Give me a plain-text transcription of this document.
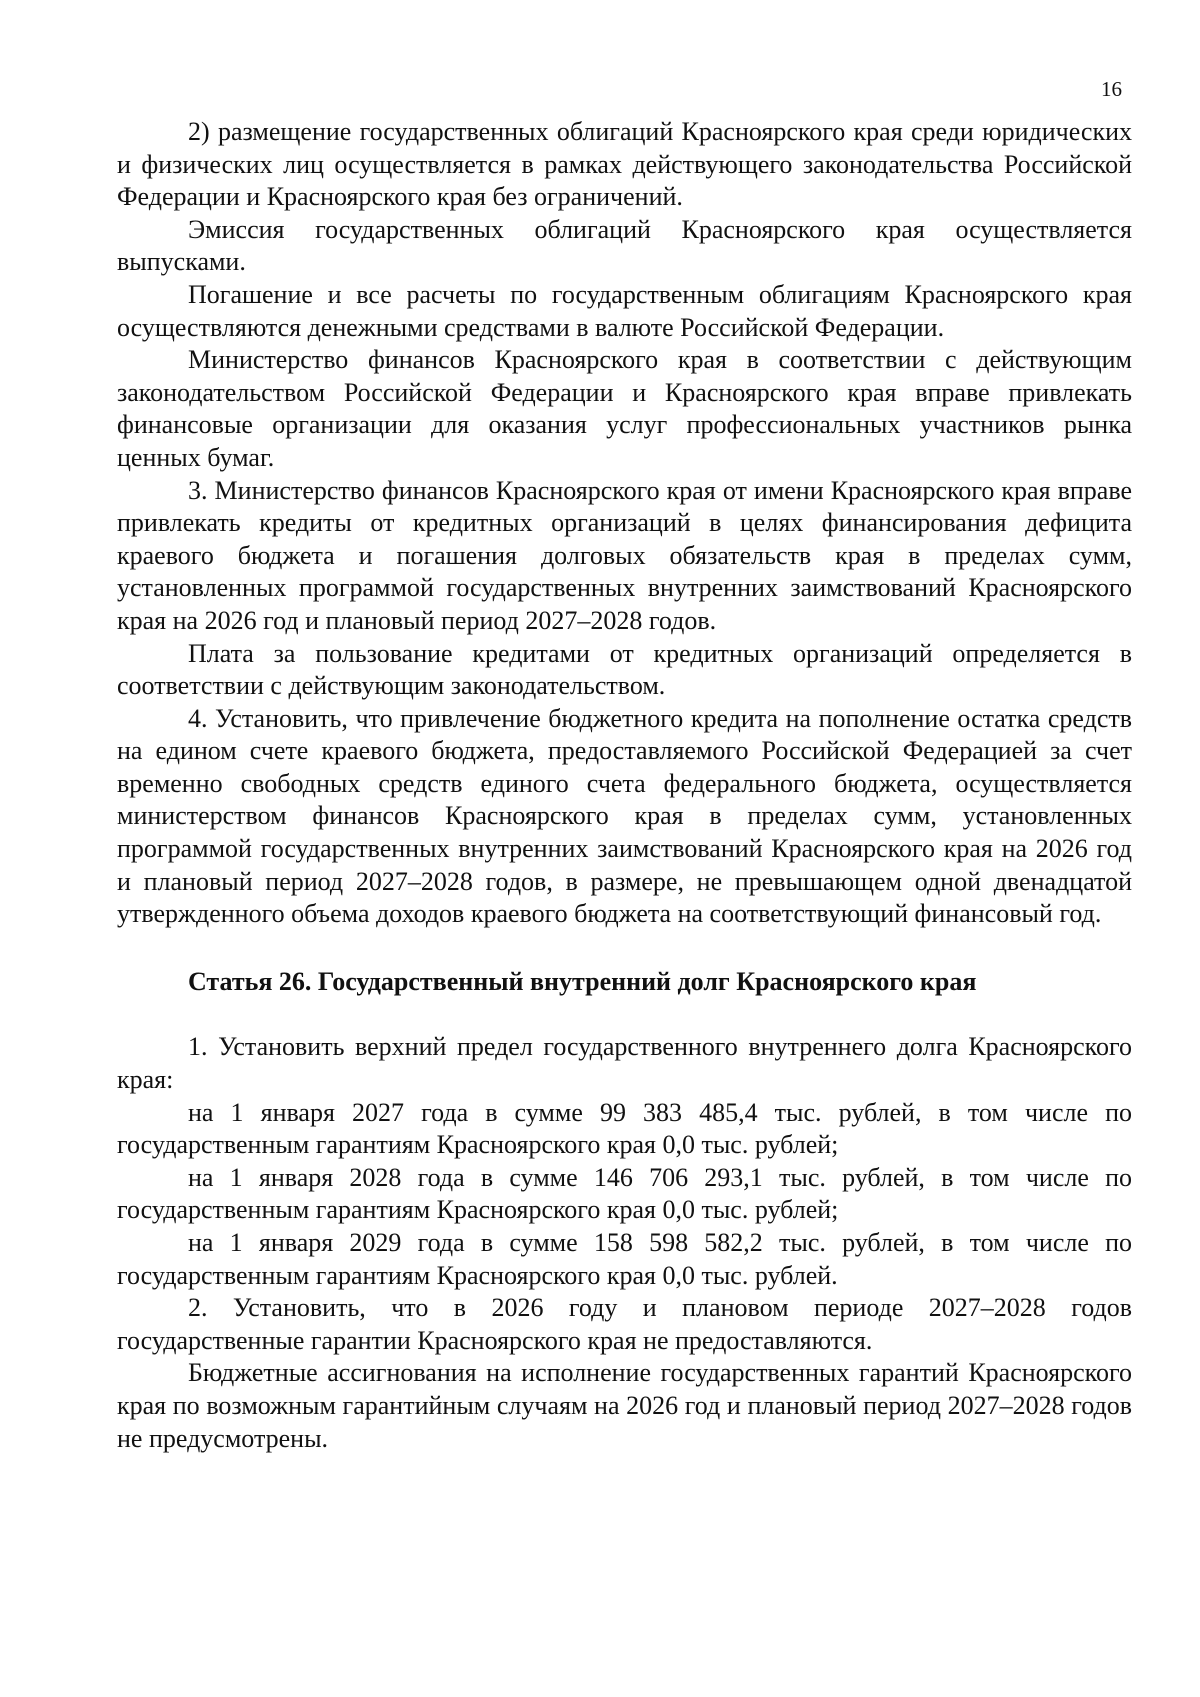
16

2) размещение государственных облигаций Красноярского края среди юридических и физических лиц осуществляется в рамках действующего законодательства Российской Федерации и Красноярского края без ограничений.

Эмиссия государственных облигаций Красноярского края осуществляется выпусками.

Погашение и все расчеты по государственным облигациям Красноярского края осуществляются денежными средствами в валюте Российской Федерации.

Министерство финансов Красноярского края в соответствии с действующим законодательством Российской Федерации и Красноярского края вправе привлекать финансовые организации для оказания услуг профессиональных участников рынка ценных бумаг.

3. Министерство финансов Красноярского края от имени Красноярского края вправе привлекать кредиты от кредитных организаций в целях финансирования дефицита краевого бюджета и погашения долговых обязательств края в пределах сумм, установленных программой государственных внутренних заимствований Красноярского края на 2026 год и плановый период 2027–2028 годов.

Плата за пользование кредитами от кредитных организаций определяется в соответствии с действующим законодательством.

4. Установить, что привлечение бюджетного кредита на пополнение остатка средств на едином счете краевого бюджета, предоставляемого Российской Федерацией за счет временно свободных средств единого счета федерального бюджета, осуществляется министерством финансов Красноярского края в пределах сумм, установленных программой государственных внутренних заимствований Красноярского края на 2026 год и плановый период 2027–2028 годов, в размере, не превышающем одной двенадцатой утвержденного объема доходов краевого бюджета на соответствующий финансовый год.

Статья 26. Государственный внутренний долг Красноярского края

1. Установить верхний предел государственного внутреннего долга Красноярского края:

на 1 января 2027 года в сумме 99 383 485,4 тыс. рублей, в том числе по государственным гарантиям Красноярского края 0,0 тыс. рублей;

на 1 января 2028 года в сумме 146 706 293,1 тыс. рублей, в том числе по государственным гарантиям Красноярского края 0,0 тыс. рублей;

на 1 января 2029 года в сумме 158 598 582,2 тыс. рублей, в том числе по государственным гарантиям Красноярского края 0,0 тыс. рублей.

2. Установить, что в 2026 году и плановом периоде 2027–2028 годов государственные гарантии Красноярского края не предоставляются.

Бюджетные ассигнования на исполнение государственных гарантий Красноярского края по возможным гарантийным случаям на 2026 год и плановый период 2027–2028 годов не предусмотрены.
